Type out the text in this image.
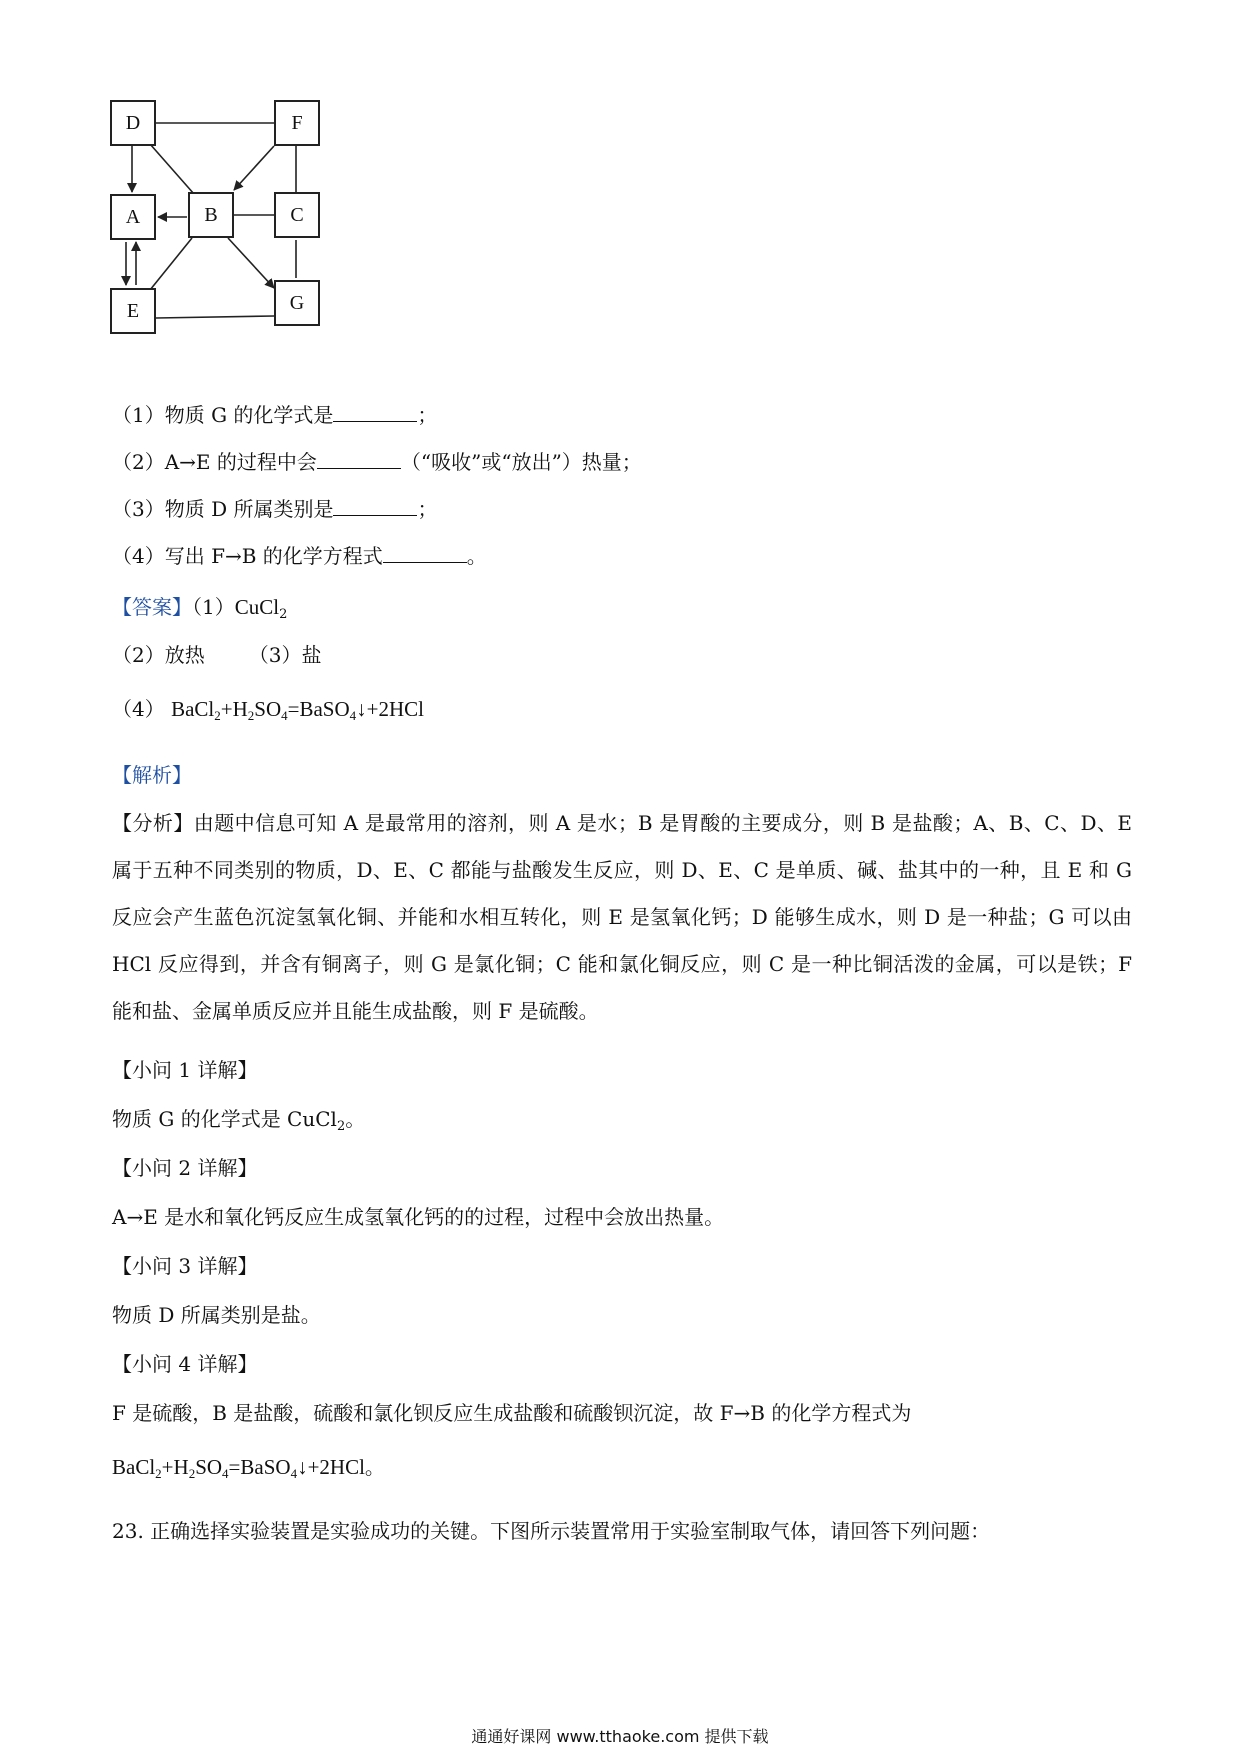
D	F
A	B	C
E	G
（1）物质 G 的化学式是	；
（2）A→E 的过程中会	（“吸收”或“放出”）热量；
（3）物质 D 所属类别是	；
（4）写出 F→B 的化学方程式	。
【答案】（1）CuCl$_2$
（2）放热 （3）盐
（4） $BaCl_2+H_2SO_4=BaSO_4↓+2HCl$
【解析】
【分析】由题中信息可知 A 是最常用的溶剂，则 A 是水；B 是胃酸的主要成分，则 B 是盐酸；A、B、C、D、E 属于五种不同类别的物质，D、E、C 都能与盐酸发生反应，则 D、E、C 是单质、碱、盐其中的一种，且 E 和 G 反应会产生蓝色沉淀氢氧化铜、并能和水相互转化，则 E 是氢氧化钙；D 能够生成水，则 D 是一种盐；G 可以由 HCl 反应得到，并含有铜离子，则 G 是氯化铜；C 能和氯化铜反应，则 C 是一种比铜活泼的金属，可以是铁；F 能和盐、金属单质反应并且能生成盐酸，则 F 是硫酸。
【小问 1 详解】
物质 G 的化学式是 CuCl$_2$。
【小问 2 详解】
A→E 是水和氧化钙反应生成氢氧化钙的的过程，过程中会放出热量。
【小问 3 详解】
物质 D 所属类别是盐。
【小问 4 详解】
F 是硫酸，B 是盐酸，硫酸和氯化钡反应生成盐酸和硫酸钡沉淀，故 F→B 的化学方程式为
$BaCl_2+H_2SO_4=BaSO_4↓+2HCl$。
23. 正确选择实验装置是实验成功的关键。下图所示装置常用于实验室制取气体，请回答下列问题：
通通好课网 www.tthaoke.com 提供下载
